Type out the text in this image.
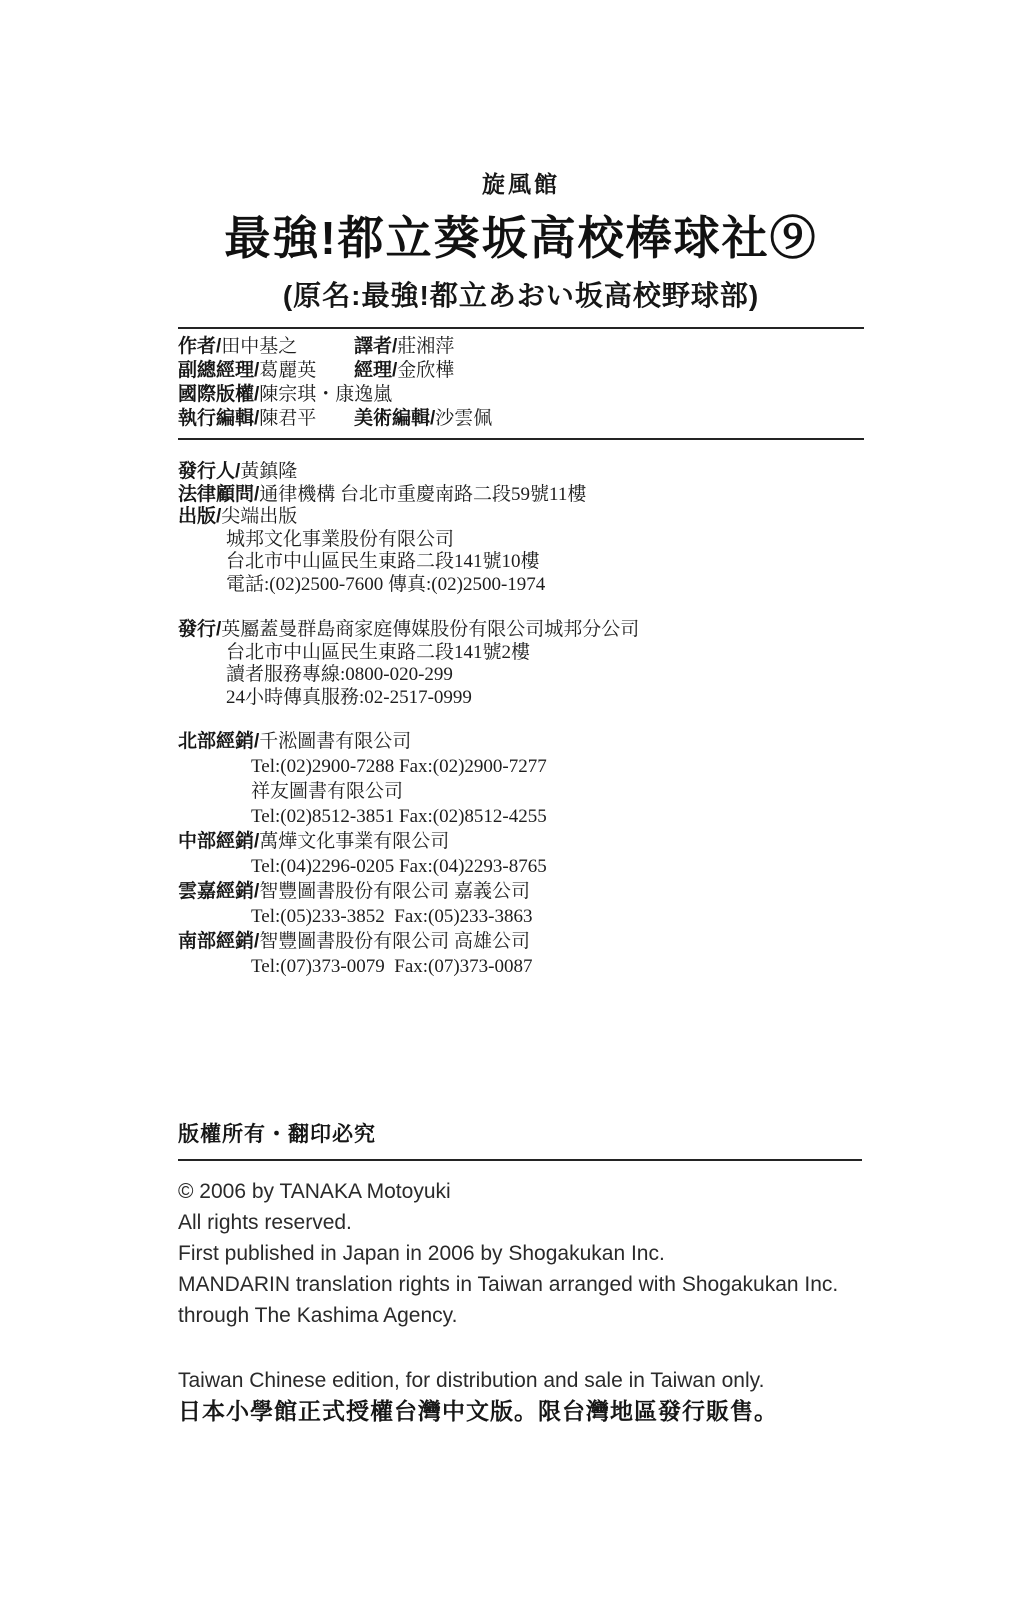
旋風館
最強!都立葵坂高校棒球社⑨
(原名:最強!都立あおい坂高校野球部)
作者/田中基之	譯者/莊湘萍
副總經理/葛麗英 經理/金欣樺
國際版權/陳宗琪・康逸嵐
執行編輯/陳君平 美術編輯/沙雲佩
發行人/黃鎮隆
法律顧問/通律機構 台北市重慶南路二段59號11樓
出版/尖端出版
城邦文化事業股份有限公司
台北市中山區民生東路二段141號10樓
電話:(02)2500-7600 傳真:(02)2500-1974
發行/英屬蓋曼群島商家庭傳媒股份有限公司城邦分公司
台北市中山區民生東路二段141號2樓
讀者服務專線:0800-020-299
24小時傳真服務:02-2517-0999
北部經銷/千淞圖書有限公司
Tel:(02)2900-7288 Fax:(02)2900-7277
祥友圖書有限公司
Tel:(02)8512-3851 Fax:(02)8512-4255
中部經銷/萬燁文化事業有限公司
Tel:(04)2296-0205 Fax:(04)2293-8765
雲嘉經銷/智豐圖書股份有限公司 嘉義公司
Tel:(05)233-3852  Fax:(05)233-3863
南部經銷/智豐圖書股份有限公司 高雄公司
Tel:(07)373-0079  Fax:(07)373-0087
版權所有・翻印必究
© 2006 by TANAKA Motoyuki
All rights reserved.
First published in Japan in 2006 by Shogakukan Inc.
MANDARIN translation rights in Taiwan arranged with Shogakukan Inc.
through The Kashima Agency.
Taiwan Chinese edition, for distribution and sale in Taiwan only.
日本小學館正式授權台灣中文版。限台灣地區發行販售。
